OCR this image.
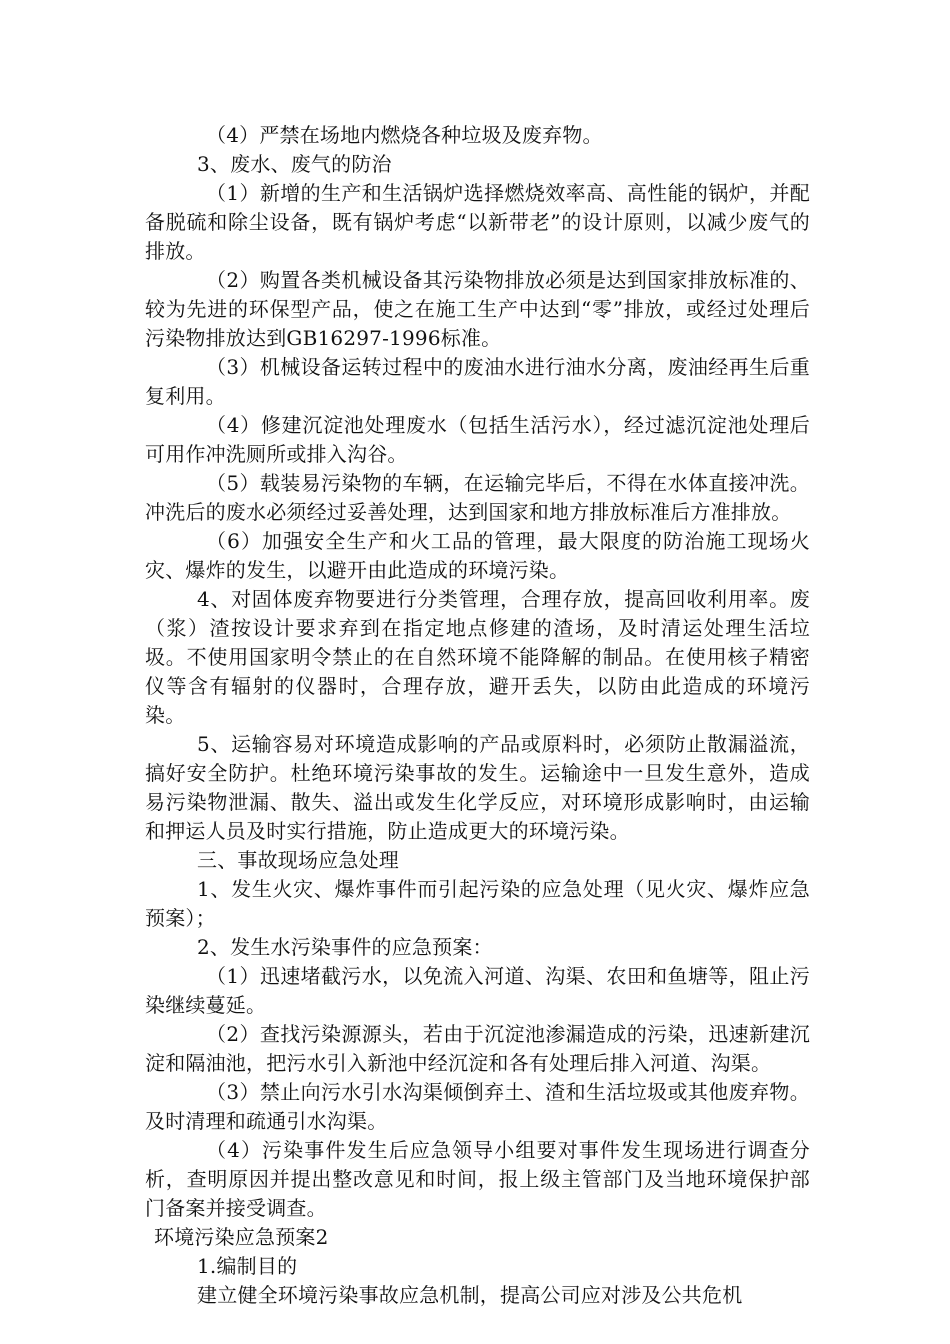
（4）严禁在场地内燃烧各种垃圾及废弃物。

3、废水、废气的防治

（1）新增的生产和生活锅炉选择燃烧效率高、高性能的锅炉，并配备脱硫和除尘设备，既有锅炉考虑“以新带老”的设计原则，以减少废气的排放。

（2）购置各类机械设备其污染物排放必须是达到国家排放标准的、较为先进的环保型产品，使之在施工生产中达到“零”排放，或经过处理后污染物排放达到GB16297-1996标准。

（3）机械设备运转过程中的废油水进行油水分离，废油经再生后重复利用。

（4）修建沉淀池处理废水（包括生活污水），经过滤沉淀池处理后可用作冲洗厕所或排入沟谷。

（5）载装易污染物的车辆，在运输完毕后，不得在水体直接冲洗。冲洗后的废水必须经过妥善处理，达到国家和地方排放标准后方准排放。

（6）加强安全生产和火工品的管理，最大限度的防治施工现场火灾、爆炸的发生，以避开由此造成的环境污染。

4、对固体废弃物要进行分类管理，合理存放，提高回收利用率。废（浆）渣按设计要求弃到在指定地点修建的渣场，及时清运处理生活垃圾。不使用国家明令禁止的在自然环境不能降解的制品。在使用核子精密仪等含有辐射的仪器时，合理存放，避开丢失，以防由此造成的环境污染。

5、运输容易对环境造成影响的产品或原料时，必须防止散漏溢流，搞好安全防护。杜绝环境污染事故的发生。运输途中一旦发生意外，造成易污染物泄漏、散失、溢出或发生化学反应，对环境形成影响时，由运输和押运人员及时实行措施，防止造成更大的环境污染。

三、事故现场应急处理

1、发生火灾、爆炸事件而引起污染的应急处理（见火灾、爆炸应急预案）；

2、发生水污染事件的应急预案：

（1）迅速堵截污水，以免流入河道、沟渠、农田和鱼塘等，阻止污染继续蔓延。

（2）查找污染源源头，若由于沉淀池渗漏造成的污染，迅速新建沉淀和隔油池，把污水引入新池中经沉淀和各有处理后排入河道、沟渠。

（3）禁止向污水引水沟渠倾倒弃土、渣和生活垃圾或其他废弃物。及时清理和疏通引水沟渠。

（4）污染事件发生后应急领导小组要对事件发生现场进行调查分析，查明原因并提出整改意见和时间，报上级主管部门及当地环境保护部门备案并接受调查。

环境污染应急预案2

1.编制目的

建立健全环境污染事故应急机制，提高公司应对涉及公共危机
